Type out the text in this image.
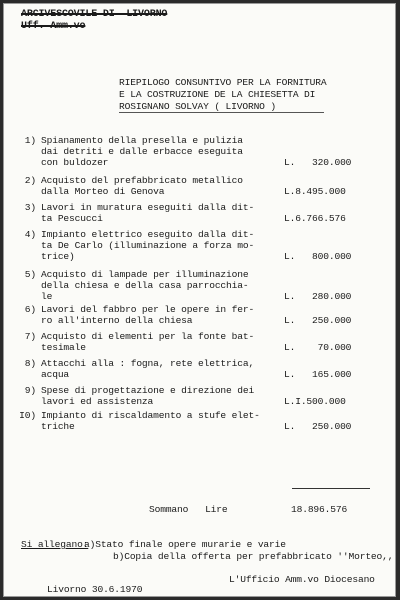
ARCIVESCOVILE DI  LIVORNO
Uff. Amm.vo
RIEPILOGO CONSUNTIVO PER LA FORNITURA
E LA COSTRUZIONE DE LA CHIESETTA DI
ROSIGNANO SOLVAY ( LIVORNO )
1) Spianamento della presella e pulizia
dai detriti e dalle erbacce eseguita
con buldozer	L.   320.000
2) Acquisto del prefabbricato metallico
dalla Morteo di Genova	L.8.495.000
3) Lavori in muratura eseguiti dalla dit-
ta Pescucci	L.6.766.576
4) Impianto elettrico eseguito dalla dit-
ta De Carlo (illuminazione a forza mo-
trice)	L.   800.000
5) Acquisto di lampade per illuminazione
della chiesa e della casa parrocchia-
le	L.   280.000
6) Lavori del fabbro per le opere in fer-
ro all'interno della chiesa	L.   250.000
7) Acquisto di elementi per la fonte bat-
tesimale	L.    70.000
8) Attacchi alla : fogna, rete elettrica,
acqua	L.   165.000
9) Spese di progettazione e direzione dei
lavori ed assistenza	L.I.500.000
I0) Impianto di riscaldamento a stufe elet-
triche	L.   250.000
Sommano   Lire	18.896.576
Si allegano:
a)Stato finale opere murarie e varie
b)Copia della offerta per prefabbricato ''Morteo,,
Livorno 30.6.1970
L'Ufficio Amm.vo Diocesano
